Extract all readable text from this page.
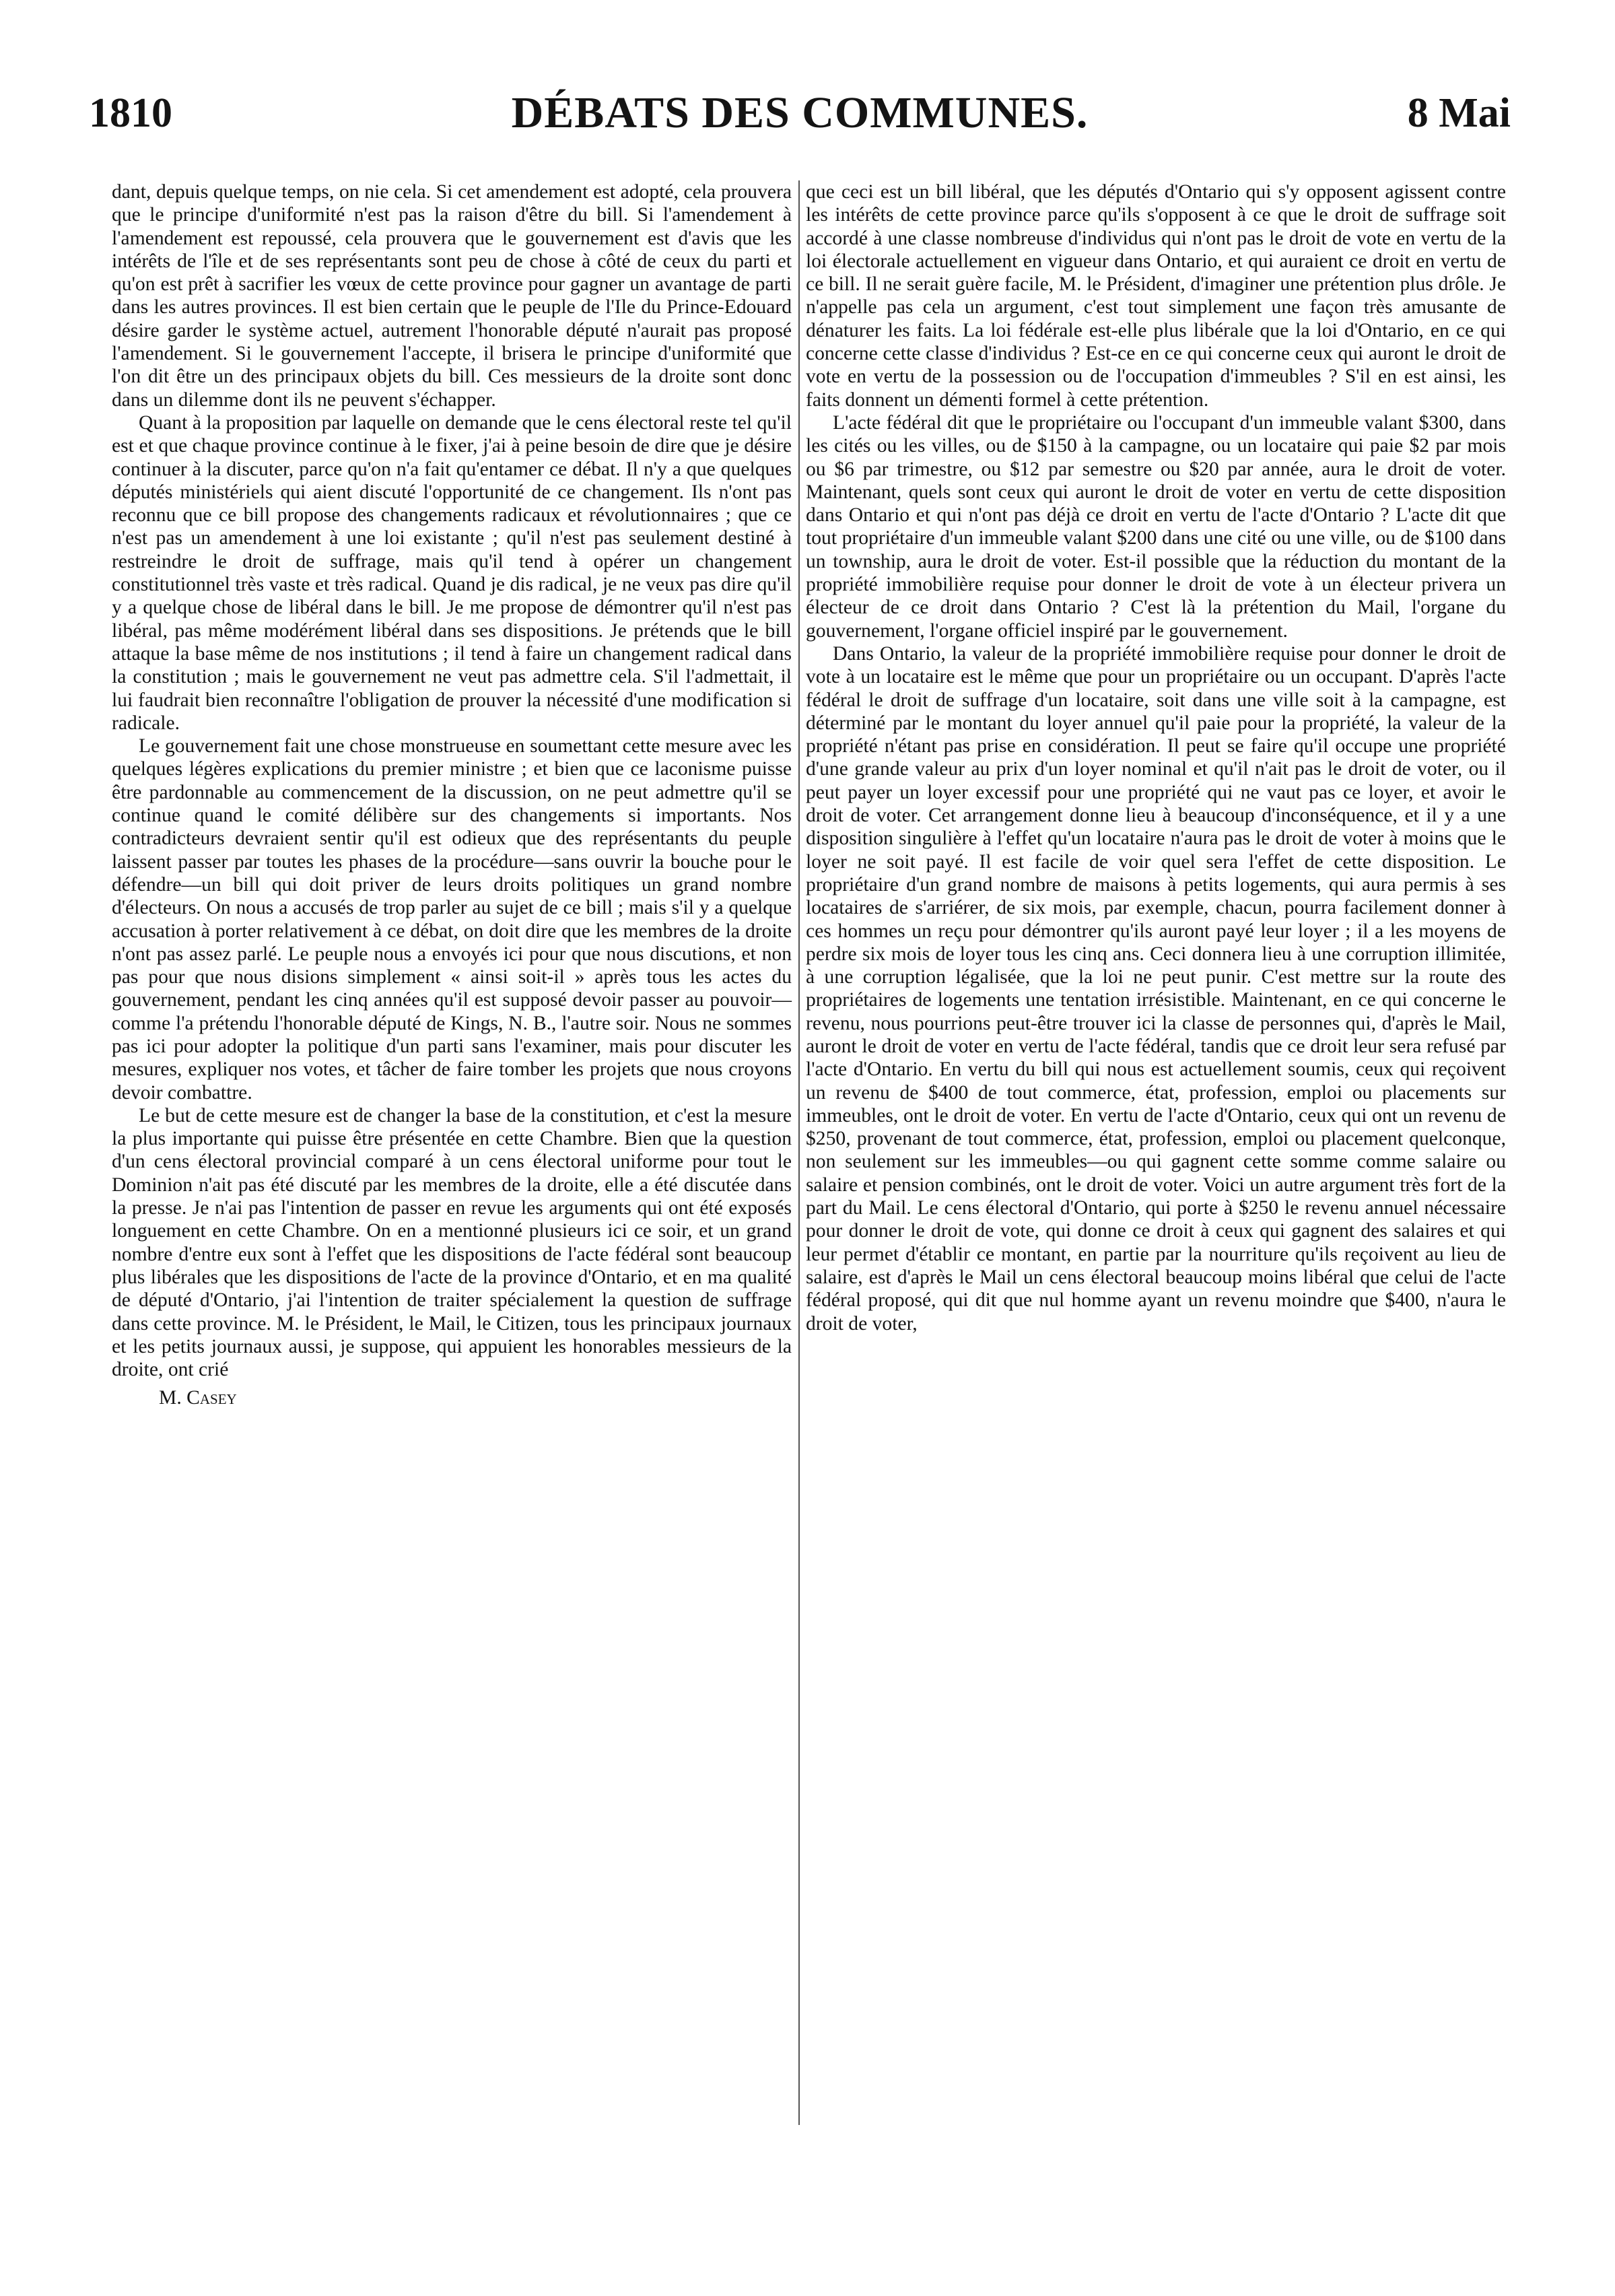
1810	DÉBATS DES COMMUNES.	8 Mai

dant, depuis quelque temps, on nie cela. Si cet amendement est adopté, cela prouvera que le principe d'uniformité n'est pas la raison d'être du bill. Si l'amendement à l'amendement est repoussé, cela prouvera que le gouvernement est d'avis que les intérêts de l'île et de ses représentants sont peu de chose à côté de ceux du parti et qu'on est prêt à sacrifier les vœux de cette province pour gagner un avantage de parti dans les autres provinces. Il est bien certain que le peuple de l'Ile du Prince-Edouard désire garder le système actuel, autrement l'honorable député n'aurait pas proposé l'amendement. Si le gouvernement l'accepte, il brisera le principe d'uniformité que l'on dit être un des principaux objets du bill. Ces messieurs de la droite sont donc dans un dilemme dont ils ne peuvent s'échapper.

Quant à la proposition par laquelle on demande que le cens électoral reste tel qu'il est et que chaque province continue à le fixer, j'ai à peine besoin de dire que je désire continuer à la discuter, parce qu'on n'a fait qu'entamer ce débat. Il n'y a que quelques députés ministériels qui aient discuté l'opportunité de ce changement. Ils n'ont pas reconnu que ce bill propose des changements radicaux et révolutionnaires ; que ce n'est pas un amendement à une loi existante ; qu'il n'est pas seulement destiné à restreindre le droit de suffrage, mais qu'il tend à opérer un changement constitutionnel très vaste et très radical. Quand je dis radical, je ne veux pas dire qu'il y a quelque chose de libéral dans le bill. Je me propose de démontrer qu'il n'est pas libéral, pas même modérément libéral dans ses dispositions. Je prétends que le bill attaque la base même de nos institutions ; il tend à faire un changement radical dans la constitution ; mais le gouvernement ne veut pas admettre cela. S'il l'admettait, il lui faudrait bien reconnaître l'obligation de prouver la nécessité d'une modification si radicale.

Le gouvernement fait une chose monstrueuse en soumettant cette mesure avec les quelques légères explications du premier ministre ; et bien que ce laconisme puisse être pardonnable au commencement de la discussion, on ne peut admettre qu'il se continue quand le comité délibère sur des changements si importants. Nos contradicteurs devraient sentir qu'il est odieux que des représentants du peuple laissent passer par toutes les phases de la procédure—sans ouvrir la bouche pour le défendre—un bill qui doit priver de leurs droits politiques un grand nombre d'électeurs. On nous a accusés de trop parler au sujet de ce bill ; mais s'il y a quelque accusation à porter relativement à ce débat, on doit dire que les membres de la droite n'ont pas assez parlé. Le peuple nous a envoyés ici pour que nous discutions, et non pas pour que nous disions simplement « ainsi soit-il » après tous les actes du gouvernement, pendant les cinq années qu'il est supposé devoir passer au pouvoir—comme l'a prétendu l'honorable député de Kings, N. B., l'autre soir. Nous ne sommes pas ici pour adopter la politique d'un parti sans l'examiner, mais pour discuter les mesures, expliquer nos votes, et tâcher de faire tomber les projets que nous croyons devoir combattre.

Le but de cette mesure est de changer la base de la constitution, et c'est la mesure la plus importante qui puisse être présentée en cette Chambre. Bien que la question d'un cens électoral provincial comparé à un cens électoral uniforme pour tout le Dominion n'ait pas été discuté par les membres de la droite, elle a été discutée dans la presse. Je n'ai pas l'intention de passer en revue les arguments qui ont été exposés longuement en cette Chambre. On en a mentionné plusieurs ici ce soir, et un grand nombre d'entre eux sont à l'effet que les dispositions de l'acte fédéral sont beaucoup plus libérales que les dispositions de l'acte de la province d'Ontario, et en ma qualité de député d'Ontario, j'ai l'intention de traiter spécialement la question de suffrage dans cette province. M. le Président, le Mail, le Citizen, tous les principaux journaux et les petits journaux aussi, je suppose, qui appuient les honorables messieurs de la droite, ont crié

M. Casey

que ceci est un bill libéral, que les députés d'Ontario qui s'y opposent agissent contre les intérêts de cette province parce qu'ils s'opposent à ce que le droit de suffrage soit accordé à une classe nombreuse d'individus qui n'ont pas le droit de vote en vertu de la loi électorale actuellement en vigueur dans Ontario, et qui auraient ce droit en vertu de ce bill. Il ne serait guère facile, M. le Président, d'imaginer une prétention plus drôle. Je n'appelle pas cela un argument, c'est tout simplement une façon très amusante de dénaturer les faits. La loi fédérale est-elle plus libérale que la loi d'Ontario, en ce qui concerne cette classe d'individus ? Est-ce en ce qui concerne ceux qui auront le droit de vote en vertu de la possession ou de l'occupation d'immeubles ? S'il en est ainsi, les faits donnent un démenti formel à cette prétention.

L'acte fédéral dit que le propriétaire ou l'occupant d'un immeuble valant $300, dans les cités ou les villes, ou de $150 à la campagne, ou un locataire qui paie $2 par mois ou $6 par trimestre, ou $12 par semestre ou $20 par année, aura le droit de voter. Maintenant, quels sont ceux qui auront le droit de voter en vertu de cette disposition dans Ontario et qui n'ont pas déjà ce droit en vertu de l'acte d'Ontario ? L'acte dit que tout propriétaire d'un immeuble valant $200 dans une cité ou une ville, ou de $100 dans un township, aura le droit de voter. Est-il possible que la réduction du montant de la propriété immobilière requise pour donner le droit de vote à un électeur privera un électeur de ce droit dans Ontario ? C'est là la prétention du Mail, l'organe du gouvernement, l'organe officiel inspiré par le gouvernement.

Dans Ontario, la valeur de la propriété immobilière requise pour donner le droit de vote à un locataire est le même que pour un propriétaire ou un occupant. D'après l'acte fédéral le droit de suffrage d'un locataire, soit dans une ville soit à la campagne, est déterminé par le montant du loyer annuel qu'il paie pour la propriété, la valeur de la propriété n'étant pas prise en considération. Il peut se faire qu'il occupe une propriété d'une grande valeur au prix d'un loyer nominal et qu'il n'ait pas le droit de voter, ou il peut payer un loyer excessif pour une propriété qui ne vaut pas ce loyer, et avoir le droit de voter. Cet arrangement donne lieu à beaucoup d'inconséquence, et il y a une disposition singulière à l'effet qu'un locataire n'aura pas le droit de voter à moins que le loyer ne soit payé. Il est facile de voir quel sera l'effet de cette disposition. Le propriétaire d'un grand nombre de maisons à petits logements, qui aura permis à ses locataires de s'arriérer, de six mois, par exemple, chacun, pourra facilement donner à ces hommes un reçu pour démontrer qu'ils auront payé leur loyer ; il a les moyens de perdre six mois de loyer tous les cinq ans. Ceci donnera lieu à une corruption illimitée, à une corruption légalisée, que la loi ne peut punir. C'est mettre sur la route des propriétaires de logements une tentation irrésistible. Maintenant, en ce qui concerne le revenu, nous pourrions peut-être trouver ici la classe de personnes qui, d'après le Mail, auront le droit de voter en vertu de l'acte fédéral, tandis que ce droit leur sera refusé par l'acte d'Ontario. En vertu du bill qui nous est actuellement soumis, ceux qui reçoivent un revenu de $400 de tout commerce, état, profession, emploi ou placements sur immeubles, ont le droit de voter. En vertu de l'acte d'Ontario, ceux qui ont un revenu de $250, provenant de tout commerce, état, profession, emploi ou placement quelconque, non seulement sur les immeubles—ou qui gagnent cette somme comme salaire ou salaire et pension combinés, ont le droit de voter. Voici un autre argument très fort de la part du Mail. Le cens électoral d'Ontario, qui porte à $250 le revenu annuel nécessaire pour donner le droit de vote, qui donne ce droit à ceux qui gagnent des salaires et qui leur permet d'établir ce montant, en partie par la nourriture qu'ils reçoivent au lieu de salaire, est d'après le Mail un cens électoral beaucoup moins libéral que celui de l'acte fédéral proposé, qui dit que nul homme ayant un revenu moindre que $400, n'aura le droit de voter,
